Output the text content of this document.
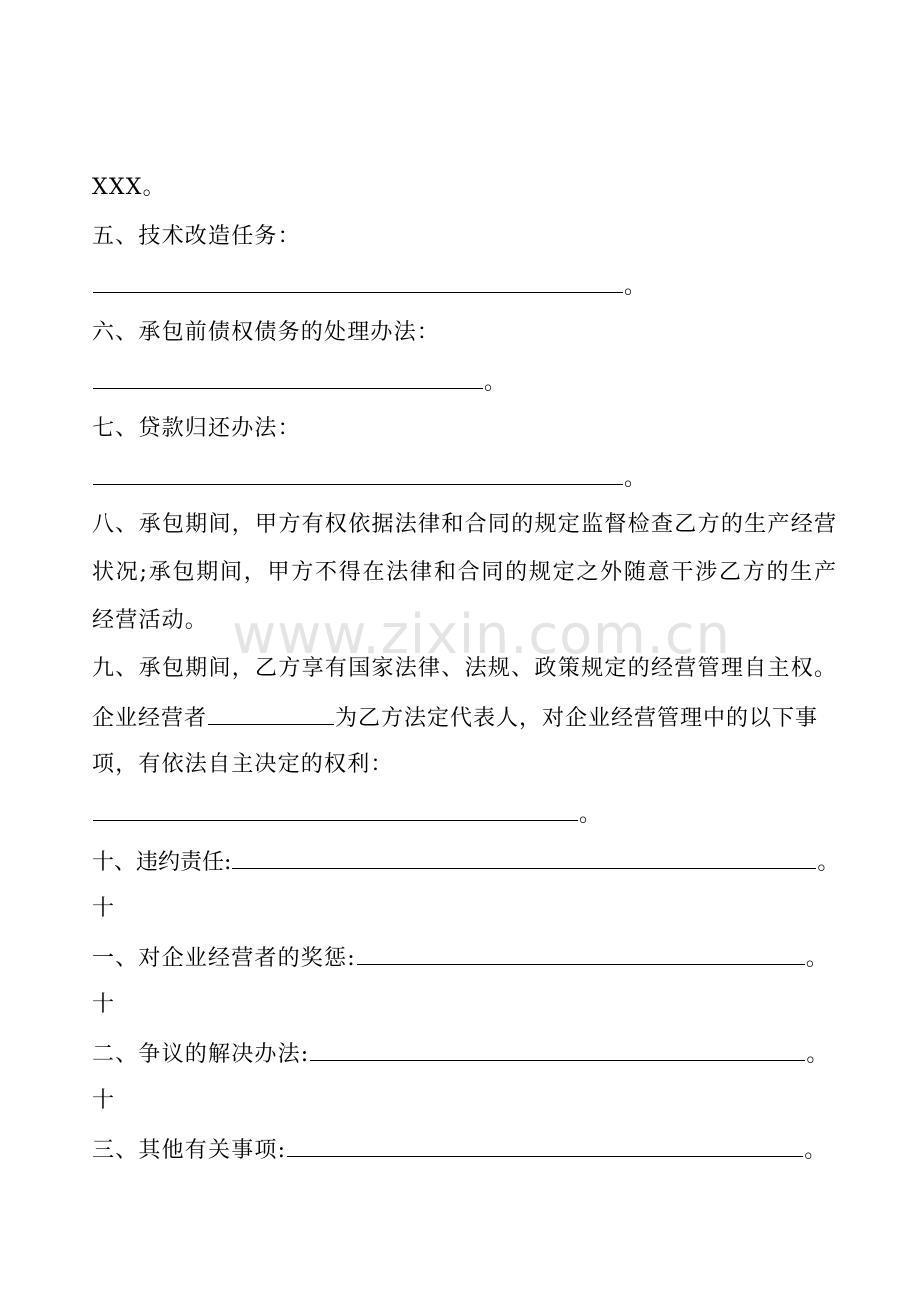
www.zixin.com.cn
XXX。
五、技术改造任务：
。
六、承包前债权债务的处理办法：
。
七、贷款归还办法：
。
八、承包期间，甲方有权依据法律和合同的规定监督检查乙方的生产经营
状况;承包期间，甲方不得在法律和合同的规定之外随意干涉乙方的生产
经营活动。
九、承包期间，乙方享有国家法律、法规、政策规定的经营管理自主权。
企业经营者	为乙方法定代表人，对企业经营管理中的以下事
项，有依法自主决定的权利：
。
十、违约责任:	。
十
一、对企业经营者的奖惩:	。
十
二、争议的解决办法:	。
十
三、其他有关事项:	。
